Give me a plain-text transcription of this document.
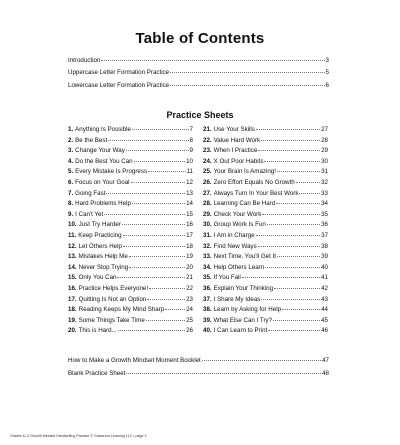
Table of Contents
Introduction	3
Uppercase Letter Formation Practice	5
Lowercase Letter Formation Practice	6
Practice Sheets
1. Anything Is Possible	7
2. Be the Best	8
3. Change Your Way	9
4. Do the Best You Can	10
5. Every Mistake Is Progress	11
6. Focus on Your Goal	12
7. Going Fast	13
8. Hard Problems Help	14
9. I Can't Yet	15
10. Just Try Harder	16
11. Keep Practicing	17
12. Let Others Help	18
13. Mistakes Help Me	19
14. Never Stop Trying	20
15. Only You Can	21
16. Practice Helps Everyone!	22
17. Quitting Is Not an Option	23
18. Reading Keeps My Mind Sharp	24
19. Some Things Take Time	25
20. This is Hard...	26
21. Use Your Skills	27
22. Value Hard Work	28
23. When I Practice	29
24. X Out Poor Habits	30
25. Your Brain Is Amazing!	31
26. Zero Effort Equals No Growth	32
27. Always Turn In Your Best Work	33
28. Learning Can Be Hard	34
29. Check Your Work	35
30. Group Work Is Fun	36
31. I Am in Charge	37
32. Find New Ways	38
33. Next Time, You'll Get It	39
34. Help Others Learn	40
35. If You Fail	41
36. Explain Your Thinking	42
37. I Share My Ideas	43
38. Learn by Asking for Help	44
39. What Else Can I Try?	45
40. I Can Learn to Print	46
How to Make a Growth Mindset Moment Booklet	47
Blank Practice Sheet	48
Grades K–2 Growth Mindset Handwriting Practice © Grassroot Learning LLC • page 2
